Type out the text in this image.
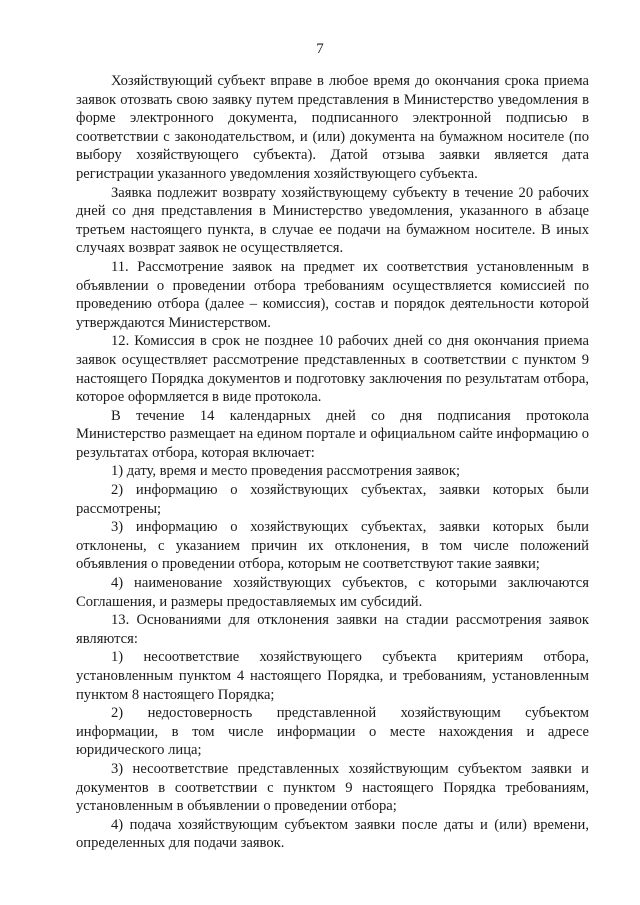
7

Хозяйствующий субъект вправе в любое время до окончания срока приема заявок отозвать свою заявку путем представления в Министерство уведомления в форме электронного документа, подписанного электронной подписью в соответствии с законодательством, и (или) документа на бумажном носителе (по выбору хозяйствующего субъекта). Датой отзыва заявки является дата регистрации указанного уведомления хозяйствующего субъекта.

Заявка подлежит возврату хозяйствующему субъекту в течение 20 рабочих дней со дня представления в Министерство уведомления, указанного в абзаце третьем настоящего пункта, в случае ее подачи на бумажном носителе. В иных случаях возврат заявок не осуществляется.

11. Рассмотрение заявок на предмет их соответствия установленным в объявлении о проведении отбора требованиям осуществляется комиссией по проведению отбора (далее – комиссия), состав и порядок деятельности которой утверждаются Министерством.

12. Комиссия в срок не позднее 10 рабочих дней со дня окончания приема заявок осуществляет рассмотрение представленных в соответствии с пунктом 9 настоящего Порядка документов и подготовку заключения по результатам отбора, которое оформляется в виде протокола.

В течение 14 календарных дней со дня подписания протокола Министерство размещает на едином портале и официальном сайте информацию о результатах отбора, которая включает:

1) дату, время и место проведения рассмотрения заявок;

2) информацию о хозяйствующих субъектах, заявки которых были рассмотрены;

3) информацию о хозяйствующих субъектах, заявки которых были отклонены, с указанием причин их отклонения, в том числе положений объявления о проведении отбора, которым не соответствуют такие заявки;

4) наименование хозяйствующих субъектов, с которыми заключаются Соглашения, и размеры предоставляемых им субсидий.

13. Основаниями для отклонения заявки на стадии рассмотрения заявок являются:

1) несоответствие хозяйствующего субъекта критериям отбора, установленным пунктом 4 настоящего Порядка, и требованиям, установленным пунктом 8 настоящего Порядка;

2) недостоверность представленной хозяйствующим субъектом информации, в том числе информации о месте нахождения и адресе юридического лица;

3) несоответствие представленных хозяйствующим субъектом заявки и документов в соответствии с пунктом 9 настоящего Порядка требованиям, установленным в объявлении о проведении отбора;

4) подача хозяйствующим субъектом заявки после даты и (или) времени, определенных для подачи заявок.
